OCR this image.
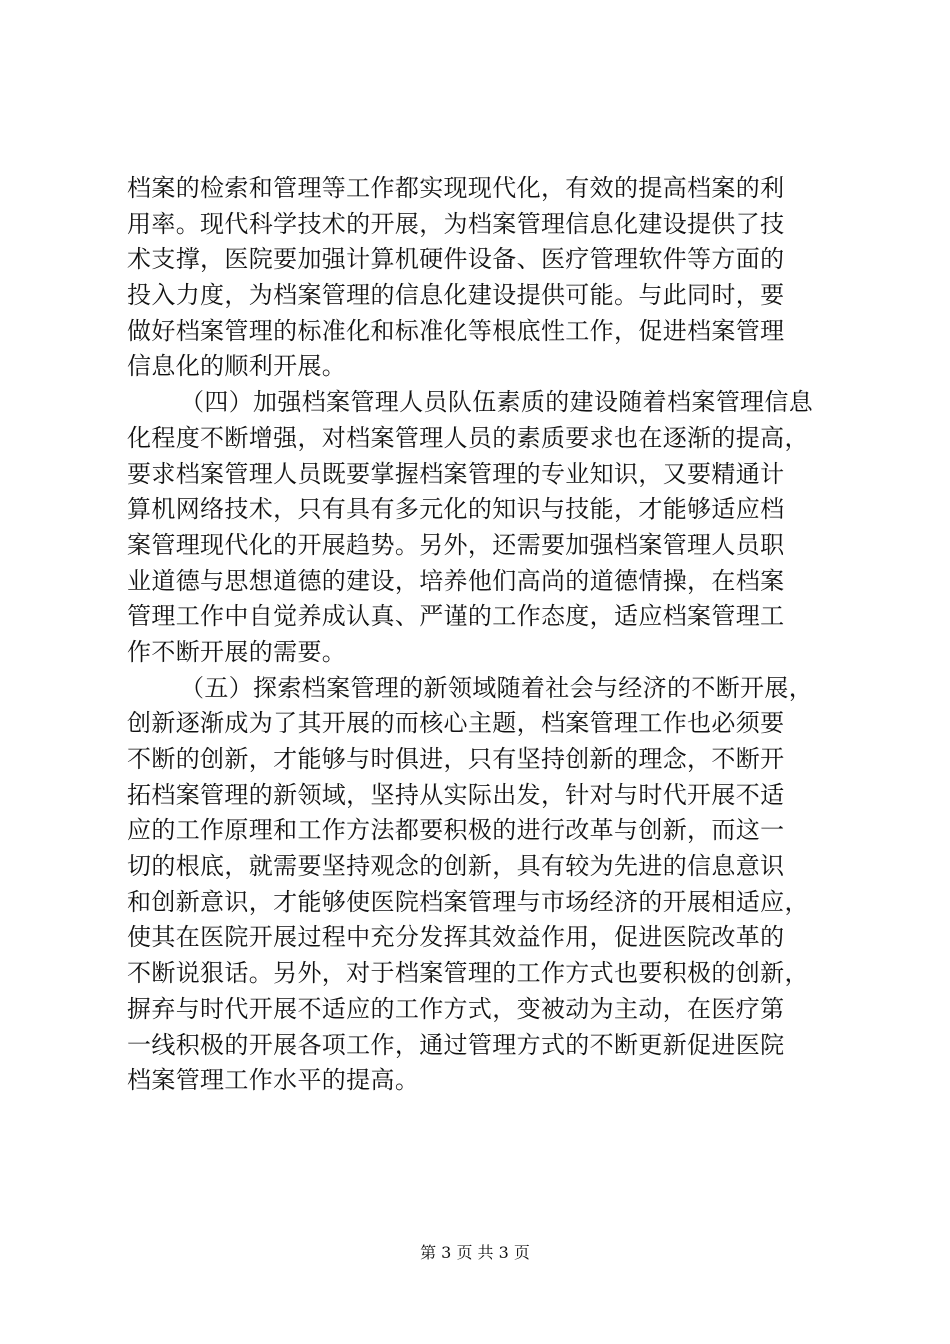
档案的检索和管理等工作都实现现代化，有效的提高档案的利
用率。现代科学技术的开展，为档案管理信息化建设提供了技
术支撑，医院要加强计算机硬件设备、医疗管理软件等方面的
投入力度，为档案管理的信息化建设提供可能。与此同时，要
做好档案管理的标准化和标准化等根底性工作，促进档案管理
信息化的顺利开展。
（四）加强档案管理人员队伍素质的建设随着档案管理信息
化程度不断增强，对档案管理人员的素质要求也在逐渐的提高，
要求档案管理人员既要掌握档案管理的专业知识，又要精通计
算机网络技术，只有具有多元化的知识与技能，才能够适应档
案管理现代化的开展趋势。另外，还需要加强档案管理人员职
业道德与思想道德的建设，培养他们高尚的道德情操，在档案
管理工作中自觉养成认真、严谨的工作态度，适应档案管理工
作不断开展的需要。
（五）探索档案管理的新领域随着社会与经济的不断开展，
创新逐渐成为了其开展的而核心主题，档案管理工作也必须要
不断的创新，才能够与时俱进，只有坚持创新的理念，不断开
拓档案管理的新领域，坚持从实际出发，针对与时代开展不适
应的工作原理和工作方法都要积极的进行改革与创新，而这一
切的根底，就需要坚持观念的创新，具有较为先进的信息意识
和创新意识，才能够使医院档案管理与市场经济的开展相适应，
使其在医院开展过程中充分发挥其效益作用，促进医院改革的
不断说狠话。另外，对于档案管理的工作方式也要积极的创新，
摒弃与时代开展不适应的工作方式，变被动为主动，在医疗第
一线积极的开展各项工作，通过管理方式的不断更新促进医院
档案管理工作水平的提高。
第 3 页 共 3 页
